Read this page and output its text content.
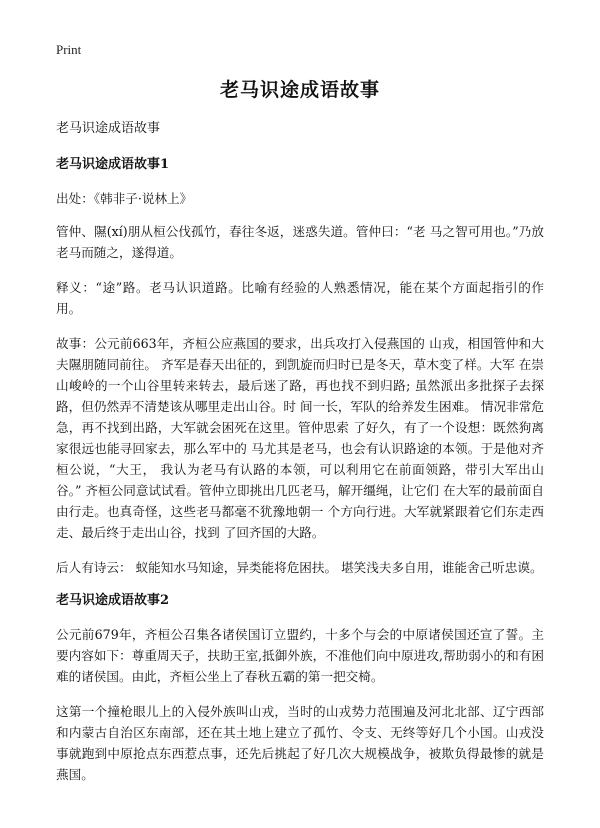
Print
老马识途成语故事
老马识途成语故事
老马识途成语故事1

出处：《韩非子·说林上》

管仲、隰(xí)朋从桓公伐孤竹，春往冬返，迷惑失道。管仲曰：“老 马之智可用也。”乃放老马而随之，遂得道。

释义：“途”路。老马认识道路。比喻有经验的人熟悉情况，能在某个方面起指引的作用。

故事：公元前663年，齐桓公应燕国的要求，出兵攻打入侵燕国的 山戎，相国管仲和大夫隰朋随同前往。 齐军是春天出征的，到凯旋而归时已是冬天，草木变了样。大军 在崇山峻岭的一个山谷里转来转去，最后迷了路，再也找不到归路; 虽然派出多批探子去探路，但仍然弄不清楚该从哪里走出山谷。时 间一长，军队的给养发生困难。 情况非常危急，再不找到出路，大军就会困死在这里。管仲思索 了好久，有了一个设想：既然狗离家很远也能寻回家去，那么军中的 马尤其是老马，也会有认识路途的本领。于是他对齐桓公说，“大王， 我认为老马有认路的本领，可以利用它在前面领路，带引大军出山 谷。” 齐桓公同意试试看。管仲立即挑出几匹老马，解开缰绳，让它们 在大军的最前面自由行走。也真奇怪，这些老马都毫不犹豫地朝一 个方向行进。大军就紧跟着它们东走西走、最后终于走出山谷，找到 了回齐国的大路。

后人有诗云： 蚁能知水马知途，异类能将危困扶。 堪笑浅夫多自用，谁能舍己听忠谟。

老马识途成语故事2

公元前679年，齐桓公召集各诸侯国订立盟约，十多个与会的中原诸侯国还宣了誓。主要内容如下：尊重周天子，扶助王室,抵御外族，不准他们向中原进攻,帮助弱小的和有困难的诸侯国。由此，齐桓公坐上了春秋五霸的第一把交椅。

这第一个撞枪眼儿上的入侵外族叫山戎，当时的山戎势力范围遍及河北北部、辽宁西部和内蒙古自治区东南部，还在其土地上建立了孤竹、令支、无终等好几个小国。山戎没事就跑到中原抢点东西惹点事，还先后挑起了好几次大规模战争，被欺负得最惨的就是燕国。
